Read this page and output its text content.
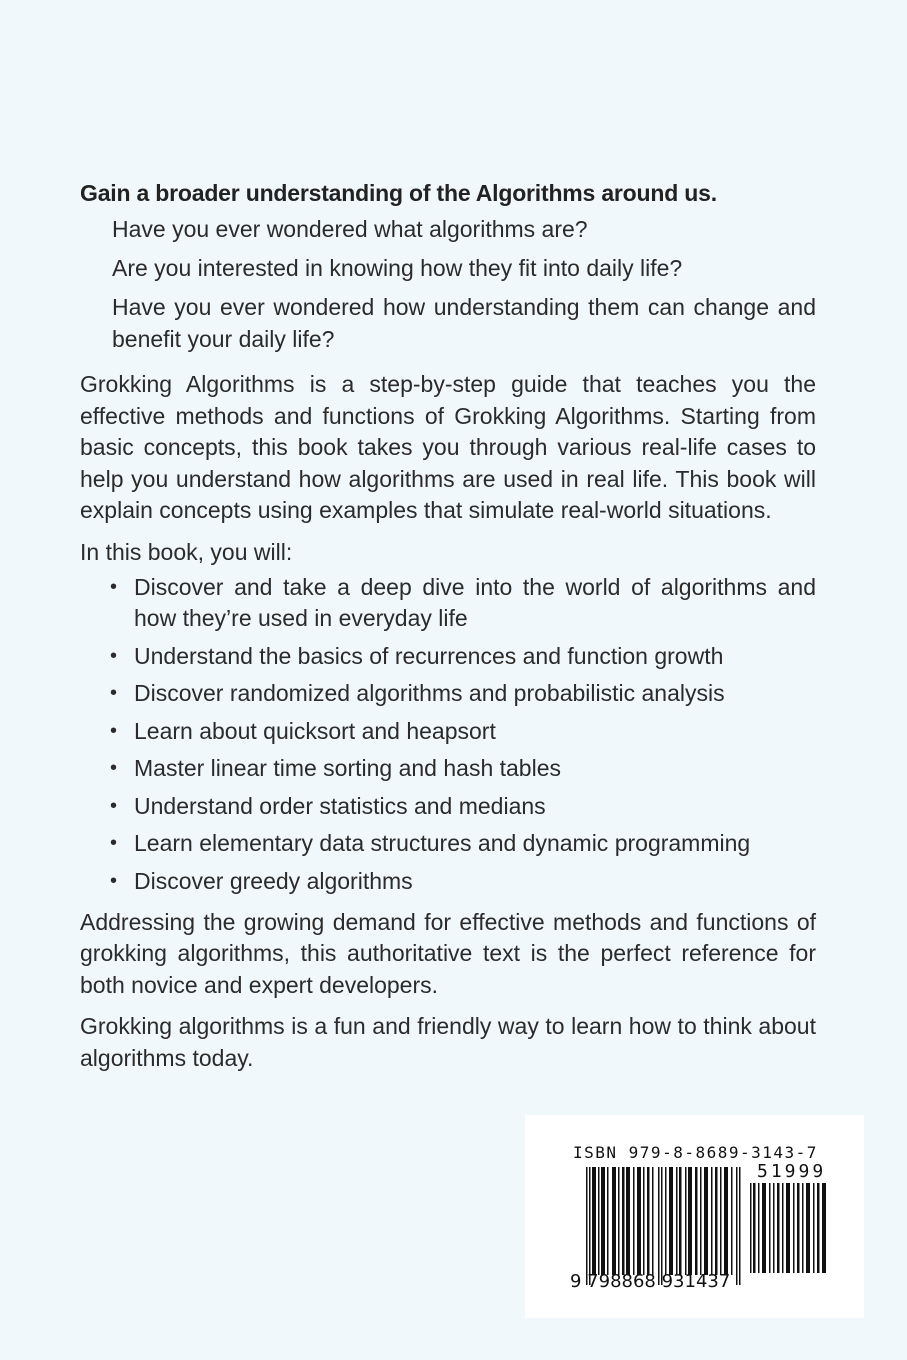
Gain a broader understanding of the Algorithms around us.

Have you ever wondered what algorithms are?

Are you interested in knowing how they fit into daily life?

Have you ever wondered how understanding them can change and benefit your daily life?

Grokking Algorithms is a step-by-step guide that teaches you the effective methods and functions of Grokking Algorithms. Starting from basic concepts, this book takes you through various real-life cases to help you understand how algorithms are used in real life. This book will explain concepts using examples that simulate real-world situations.

In this book, you will:

• Discover and take a deep dive into the world of algorithms and how they’re used in everyday life
• Understand the basics of recurrences and function growth
• Discover randomized algorithms and probabilistic analysis
• Learn about quicksort and heapsort
• Master linear time sorting and hash tables
• Understand order statistics and medians
• Learn elementary data structures and dynamic programming
• Discover greedy algorithms

Addressing the growing demand for effective methods and functions of grokking algorithms, this authoritative text is the perfect reference for both novice and expert developers.

Grokking algorithms is a fun and friendly way to learn how to think about algorithms today.

ISBN 979-8-8689-3143-7
51999
9 798868 931437
